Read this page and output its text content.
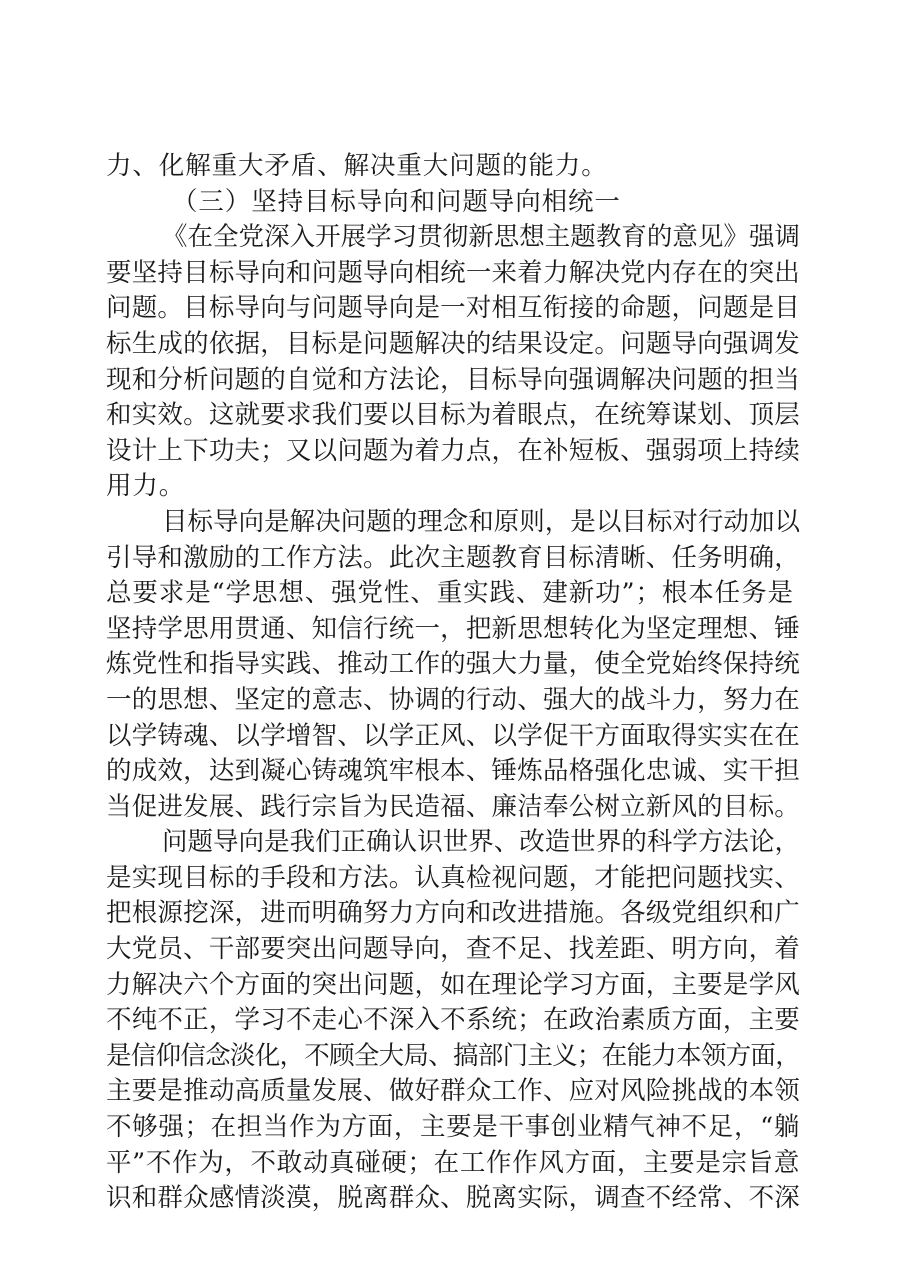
力、化解重大矛盾、解决重大问题的能力。
（三）坚持目标导向和问题导向相统一
《在全党深入开展学习贯彻新思想主题教育的意见》强调
要坚持目标导向和问题导向相统一来着力解决党内存在的突出
问题。目标导向与问题导向是一对相互衔接的命题，问题是目
标生成的依据，目标是问题解决的结果设定。问题导向强调发
现和分析问题的自觉和方法论，目标导向强调解决问题的担当
和实效。这就要求我们要以目标为着眼点，在统筹谋划、顶层
设计上下功夫；又以问题为着力点，在补短板、强弱项上持续
用力。
目标导向是解决问题的理念和原则，是以目标对行动加以
引导和激励的工作方法。此次主题教育目标清晰、任务明确，
总要求是“学思想、强党性、重实践、建新功”；根本任务是
坚持学思用贯通、知信行统一，把新思想转化为坚定理想、锤
炼党性和指导实践、推动工作的强大力量，使全党始终保持统
一的思想、坚定的意志、协调的行动、强大的战斗力，努力在
以学铸魂、以学增智、以学正风、以学促干方面取得实实在在
的成效，达到凝心铸魂筑牢根本、锤炼品格强化忠诚、实干担
当促进发展、践行宗旨为民造福、廉洁奉公树立新风的目标。
问题导向是我们正确认识世界、改造世界的科学方法论，
是实现目标的手段和方法。认真检视问题，才能把问题找实、
把根源挖深，进而明确努力方向和改进措施。各级党组织和广
大党员、干部要突出问题导向，查不足、找差距、明方向，着
力解决六个方面的突出问题，如在理论学习方面，主要是学风
不纯不正，学习不走心不深入不系统；在政治素质方面，主要
是信仰信念淡化，不顾全大局、搞部门主义；在能力本领方面，
主要是推动高质量发展、做好群众工作、应对风险挑战的本领
不够强；在担当作为方面，主要是干事创业精气神不足，“躺
平”不作为，不敢动真碰硬；在工作作风方面，主要是宗旨意
识和群众感情淡漠，脱离群众、脱离实际，调查不经常、不深
